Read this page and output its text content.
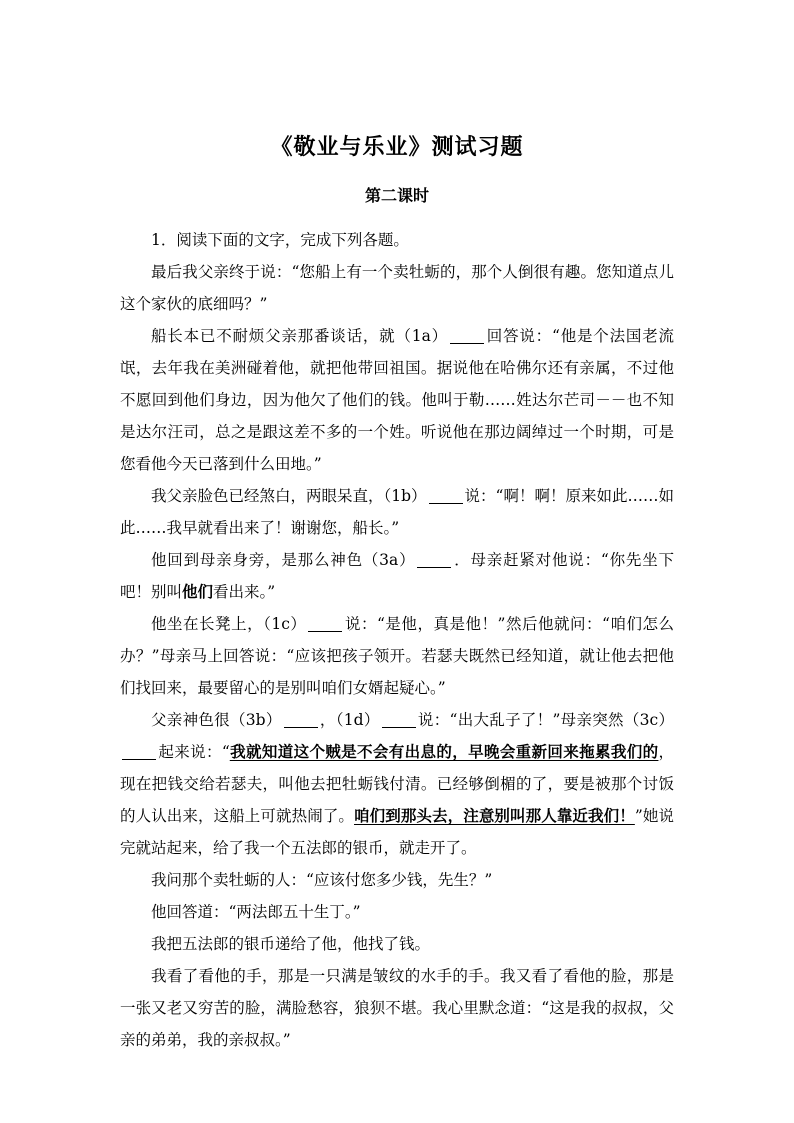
《敬业与乐业》测试习题
第二课时

1．阅读下面的文字，完成下列各题。

最后我父亲终于说：“您船上有一个卖牡蛎的，那个人倒很有趣。您知道点儿这个家伙的底细吗？”

船长本已不耐烦父亲那番谈话，就（1a） 回答说：“他是个法国老流氓，去年我在美洲碰着他，就把他带回祖国。据说他在哈佛尔还有亲属，不过他不愿回到他们身边，因为他欠了他们的钱。他叫于勒……姓达尔芒司－－也不知是达尔汪司，总之是跟这差不多的一个姓。听说他在那边阔绰过一个时期，可是您看他今天已落到什么田地。”

我父亲脸色已经煞白，两眼呆直，（1b） 说：“啊！啊！原来如此……如此……我早就看出来了！谢谢您，船长。”

他回到母亲身旁，是那么神色（3a） ．母亲赶紧对他说：“你先坐下吧！别叫他们看出来。”

他坐在长凳上，（1c） 说：“是他，真是他！”然后他就问：“咱们怎么办？”母亲马上回答说：“应该把孩子领开。若瑟夫既然已经知道，就让他去把他们找回来，最要留心的是别叫咱们女婿起疑心。”

父亲神色很（3b） ，（1d） 说：“出大乱子了！”母亲突然（3c）起来说：“我就知道这个贼是不会有出息的，早晚会重新回来拖累我们的，现在把钱交给若瑟夫，叫他去把牡蛎钱付清。已经够倒楣的了，要是被那个讨饭的人认出来，这船上可就热闹了。咱们到那头去，注意别叫那人靠近我们！”她说完就站起来，给了我一个五法郎的银币，就走开了。

我问那个卖牡蛎的人：“应该付您多少钱，先生？”

他回答道：“两法郎五十生丁。”

我把五法郎的银币递给了他，他找了钱。

我看了看他的手，那是一只满是皱纹的水手的手。我又看了看他的脸，那是一张又老又穷苦的脸，满脸愁容，狼狈不堪。我心里默念道：“这是我的叔叔，父亲的弟弟，我的亲叔叔。”
